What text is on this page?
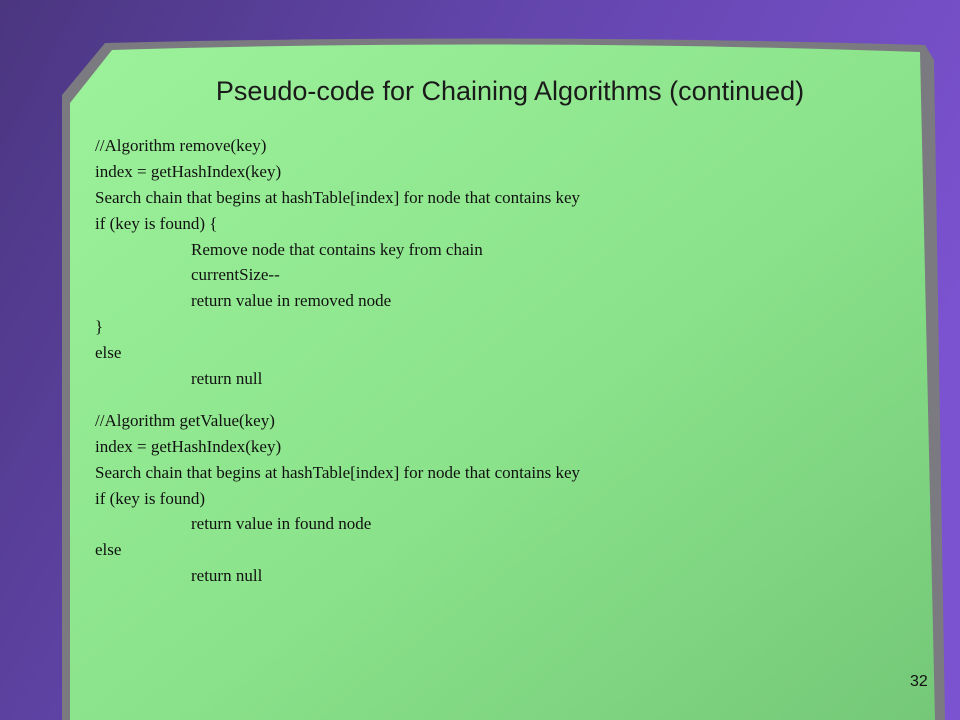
Pseudo-code for Chaining Algorithms (continued)
//Algorithm remove(key)
index = getHashIndex(key)
Search chain that begins at hashTable[index] for node that contains key
if (key is found) {
Remove node that contains key from chain
currentSize--
return value in removed node
}
else
return null
//Algorithm getValue(key)
index = getHashIndex(key)
Search chain that begins at hashTable[index] for node that contains key
if (key is found)
return value in found node
else
return null
32
